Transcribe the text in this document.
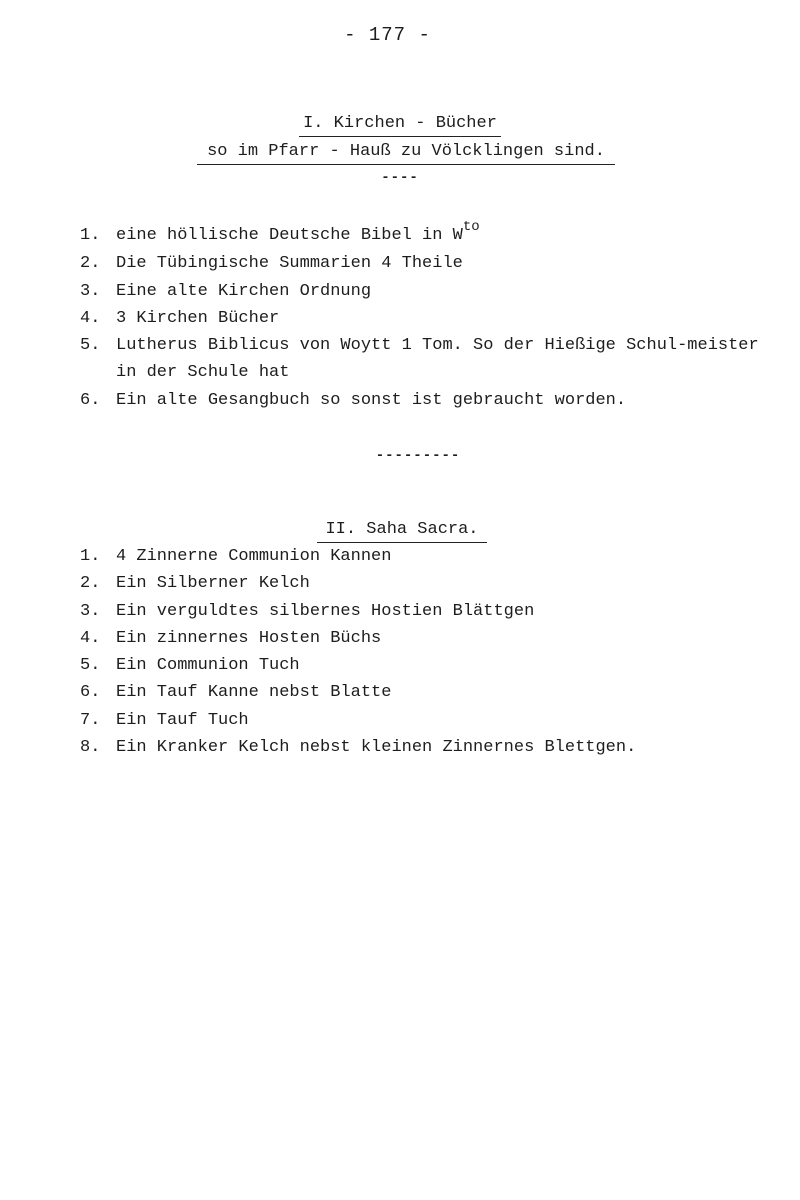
- 177 -
I. Kirchen - Bücher
so im Pfarr - Hauß zu Völcklingen sind.
----
1. eine höllische Deutsche Bibel in $W^{to}$
2. Die Tübingische Summarien 4 Theile
3. Eine alte Kirchen Ordnung
4. 3 Kirchen Bücher
5. Lutherus Biblicus von Woytt 1 Tom. So der Hießige Schul-meister in der Schule hat
6. Ein alte Gesangbuch so sonst ist gebraucht worden.
---------
II. Saha Sacra.
1. 4 Zinnerne Communion Kannen
2. Ein Silberner Kelch
3. Ein verguldtes silbernes Hostien Blättgen
4. Ein zinnernes Hosten Büchs
5. Ein Communion Tuch
6. Ein Tauf Kanne nebst Blatte
7. Ein Tauf Tuch
8. Ein Kranker Kelch nebst kleinen Zinnernes Blettgen.
